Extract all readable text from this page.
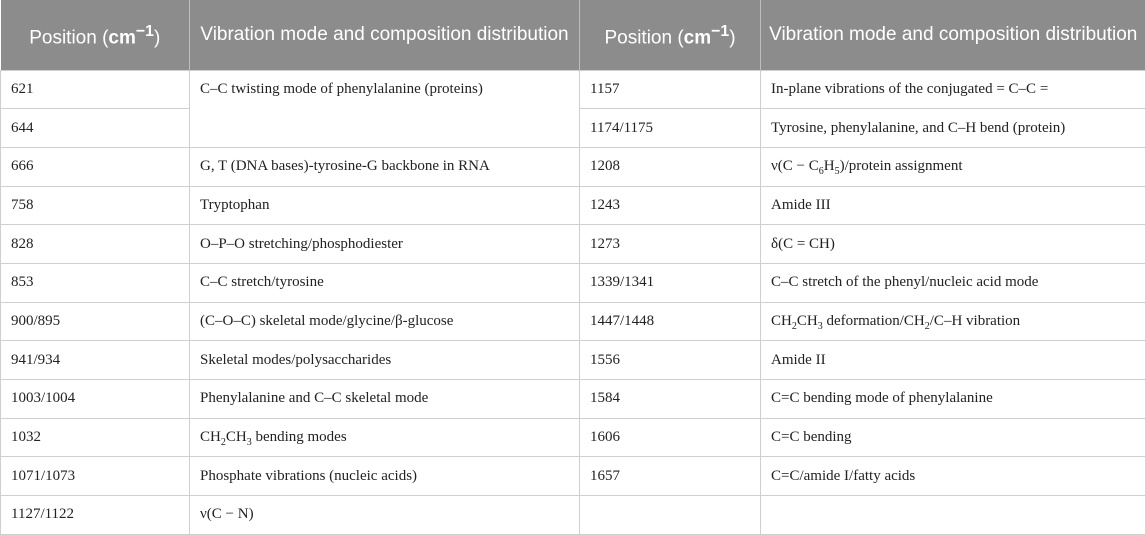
Position $(cm^{-1})$	Vibration mode and composition distribution	Position $(cm^{-1})$	Vibration mode and composition distribution
621	C–C twisting mode of phenylalanine (proteins)	1157	In-plane vibrations of the conjugated = C–C =
644		1174/1175	Tyrosine, phenylalanine, and C–H bend (protein)
666	G, T (DNA bases)-tyrosine-G backbone in RNA	1208	$\nu(C - C_6H_5)$/protein assignment
758	Tryptophan	1243	Amide III
828	O–P–O stretching/phosphodiester	1273	δ(C = CH)
853	C–C stretch/tyrosine	1339/1341	C–C stretch of the phenyl/nucleic acid mode
900/895	(C–O–C) skeletal mode/glycine/β-glucose	1447/1448	$CH_2CH_3$ deformation/$CH_2/C-H$ vibration
941/934	Skeletal modes/polysaccharides	1556	Amide II
1003/1004	Phenylalanine and C–C skeletal mode	1584	C=C bending mode of phenylalanine
1032	$CH_2CH_3$ bending modes	1606	C=C bending
1071/1073	Phosphate vibrations (nucleic acids)	1657	C=C/amide I/fatty acids
1127/1122	ν(C − N)		
